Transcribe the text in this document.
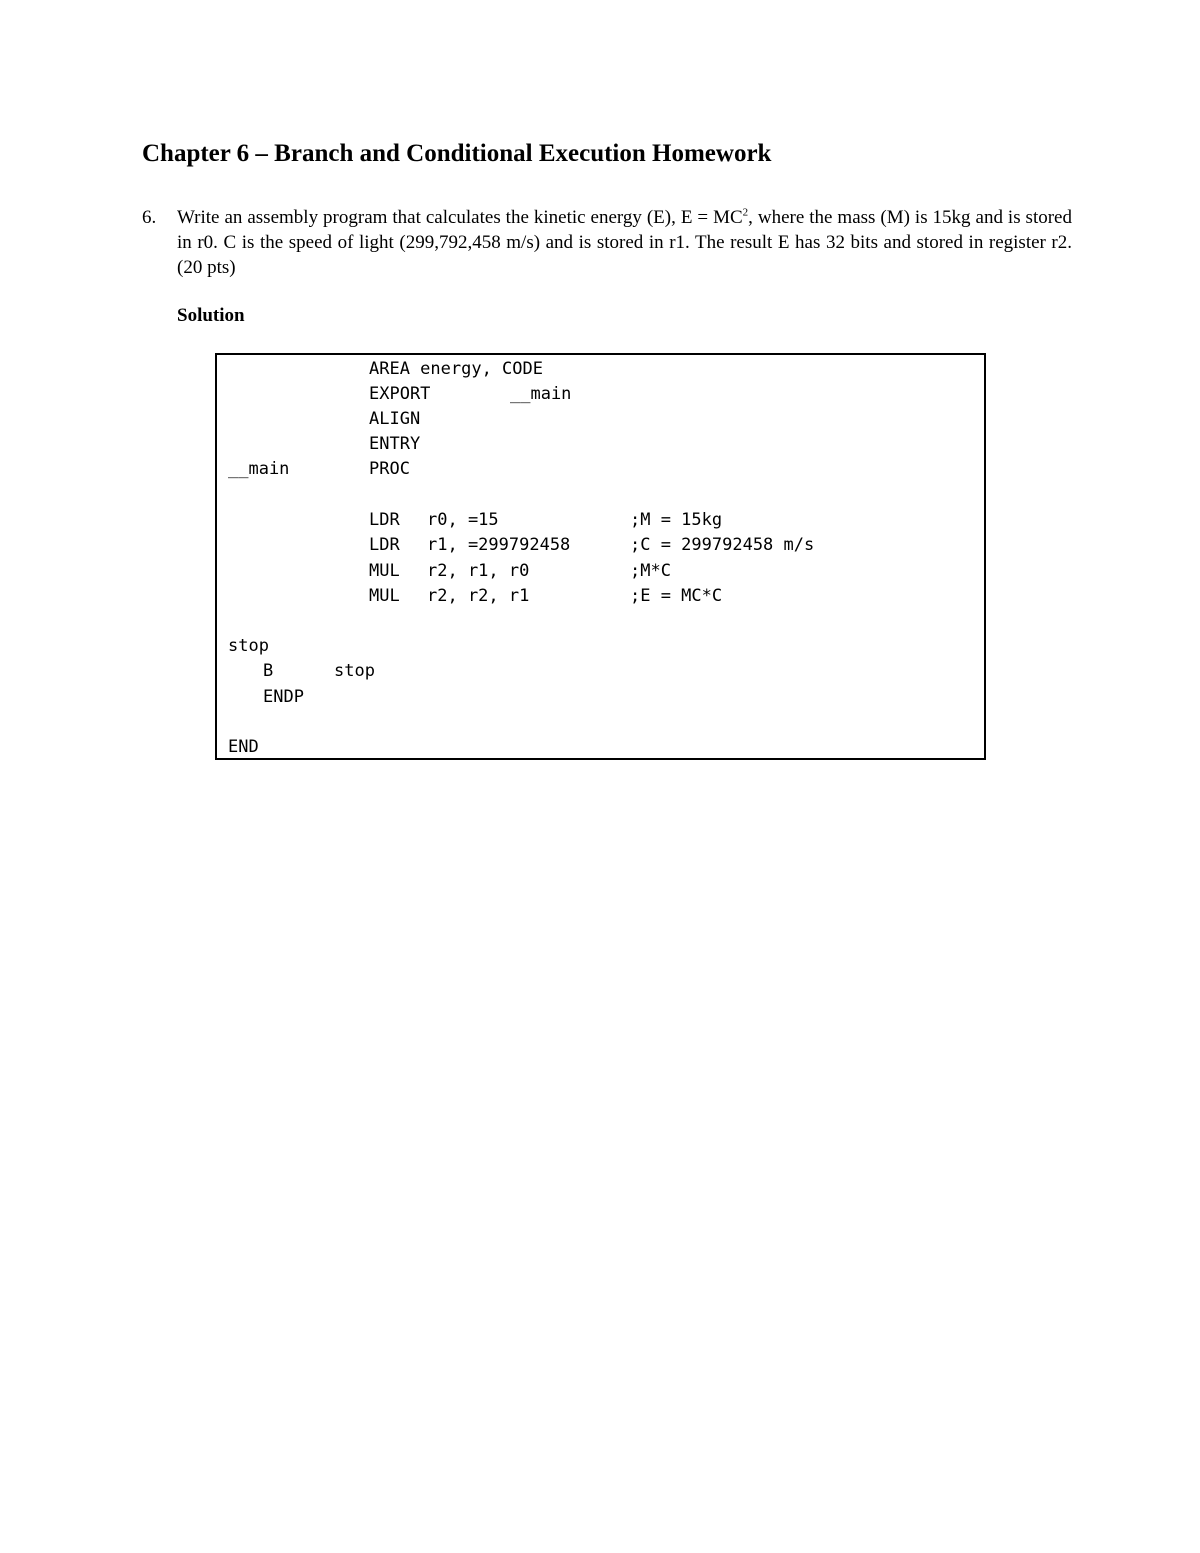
Chapter 6 – Branch and Conditional Execution Homework
6. Write an assembly program that calculates the kinetic energy (E), $E = MC^2$, where the mass (M) is 15kg and is stored in r0. C is the speed of light (299,792,458 m/s) and is stored in r1. The result E has 32 bits and stored in register r2. (20 pts)
Solution
AREA energy, CODE
EXPORT	__main
ALIGN
ENTRY
__main	PROC
LDR r0, =15	;M = 15kg
LDR r1, =299792458	;C = 299792458 m/s
MUL r2, r1, r0	;M*C
MUL r2, r2, r1	;E = MC*C
stop
B	stop
ENDP
END
